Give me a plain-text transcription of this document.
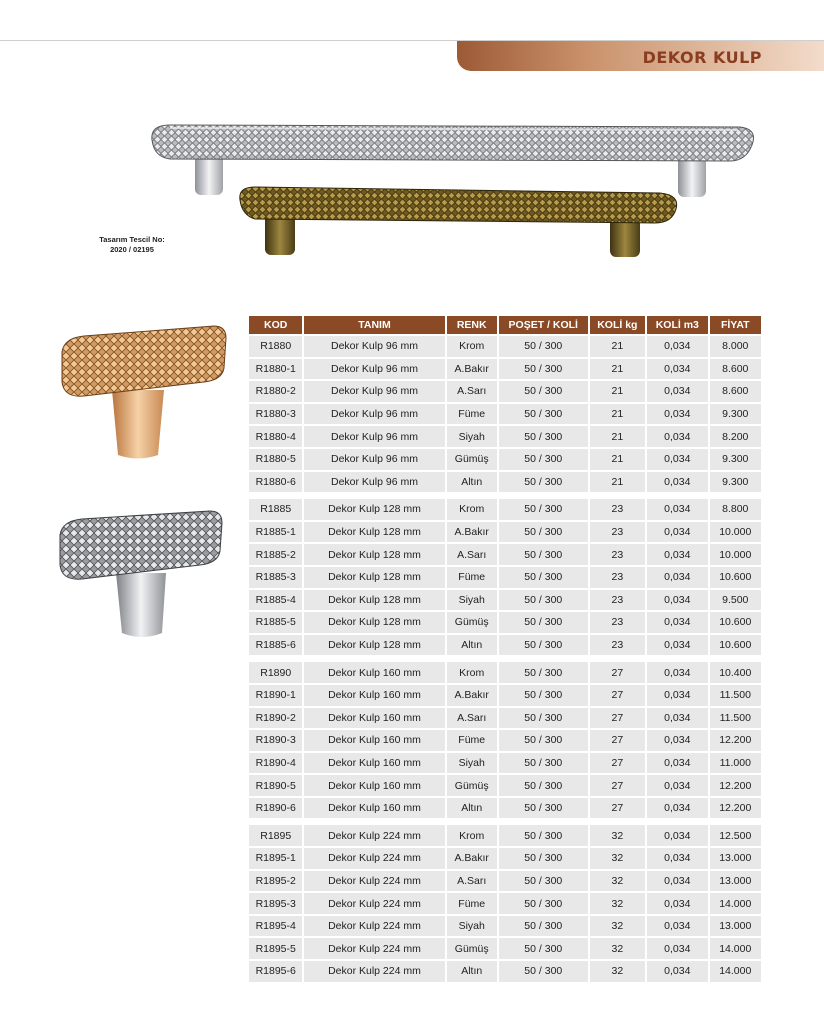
DEKOR KULP
Tasarım Tescil No:
2020 / 02195
KOD	TANIM	RENK	POŞET / KOLİ	KOLİ kg	KOLİ m3	FİYAT
R1880	Dekor Kulp 96 mm	Krom	50 / 300	21	0,034	8.000
R1880-1	Dekor Kulp 96 mm	A.Bakır	50 / 300	21	0,034	8.600
R1880-2	Dekor Kulp 96 mm	A.Sarı	50 / 300	21	0,034	8.600
R1880-3	Dekor Kulp 96 mm	Füme	50 / 300	21	0,034	9.300
R1880-4	Dekor Kulp 96 mm	Siyah	50 / 300	21	0,034	8.200
R1880-5	Dekor Kulp 96 mm	Gümüş	50 / 300	21	0,034	9.300
R1880-6	Dekor Kulp 96 mm	Altın	50 / 300	21	0,034	9.300

R1885	Dekor Kulp 128 mm	Krom	50 / 300	23	0,034	8.800
R1885-1	Dekor Kulp 128 mm	A.Bakır	50 / 300	23	0,034	10.000
R1885-2	Dekor Kulp 128 mm	A.Sarı	50 / 300	23	0,034	10.000
R1885-3	Dekor Kulp 128 mm	Füme	50 / 300	23	0,034	10.600
R1885-4	Dekor Kulp 128 mm	Siyah	50 / 300	23	0,034	9.500
R1885-5	Dekor Kulp 128 mm	Gümüş	50 / 300	23	0,034	10.600
R1885-6	Dekor Kulp 128 mm	Altın	50 / 300	23	0,034	10.600

R1890	Dekor Kulp 160 mm	Krom	50 / 300	27	0,034	10.400
R1890-1	Dekor Kulp 160 mm	A.Bakır	50 / 300	27	0,034	11.500
R1890-2	Dekor Kulp 160 mm	A.Sarı	50 / 300	27	0,034	11.500
R1890-3	Dekor Kulp 160 mm	Füme	50 / 300	27	0,034	12.200
R1890-4	Dekor Kulp 160 mm	Siyah	50 / 300	27	0,034	11.000
R1890-5	Dekor Kulp 160 mm	Gümüş	50 / 300	27	0,034	12.200
R1890-6	Dekor Kulp 160 mm	Altın	50 / 300	27	0,034	12.200

R1895	Dekor Kulp 224 mm	Krom	50 / 300	32	0,034	12.500
R1895-1	Dekor Kulp 224 mm	A.Bakır	50 / 300	32	0,034	13.000
R1895-2	Dekor Kulp 224 mm	A.Sarı	50 / 300	32	0,034	13.000
R1895-3	Dekor Kulp 224 mm	Füme	50 / 300	32	0,034	14.000
R1895-4	Dekor Kulp 224 mm	Siyah	50 / 300	32	0,034	13.000
R1895-5	Dekor Kulp 224 mm	Gümüş	50 / 300	32	0,034	14.000
R1895-6	Dekor Kulp 224 mm	Altın	50 / 300	32	0,034	14.000
